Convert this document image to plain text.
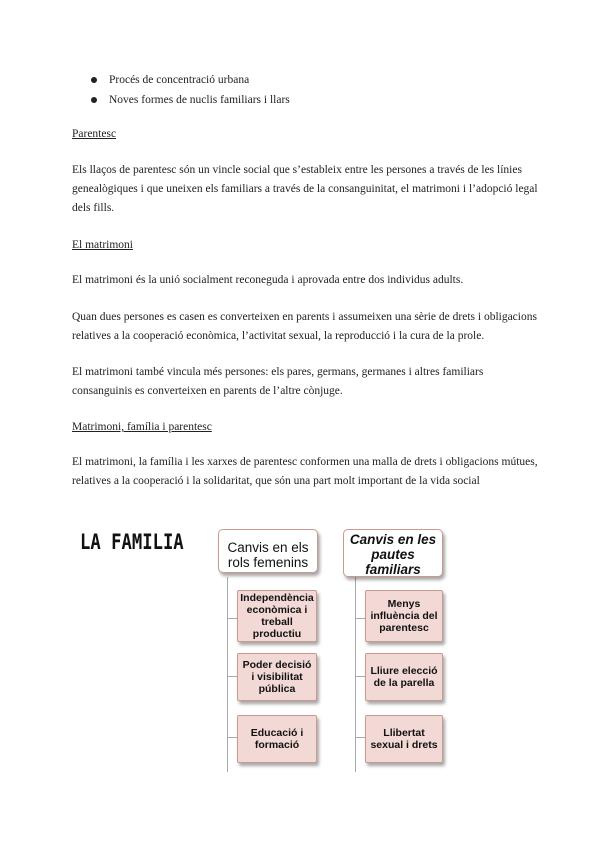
Procés de concentració urbana
Noves formes de nuclis familiars i llars

Parentesc

Els llaços de parentesc són un vincle social que s’estableix entre les persones a través de les línies genealògiques i que uneixen els familiars a través de la consanguinitat, el matrimoni i l’adopció legal dels fills.

El matrimoni

El matrimoni és la unió socialment reconeguda i aprovada entre dos individus adults.

Quan dues persones es casen es converteixen en parents i assumeixen una sèrie de drets i obligacions relatives a la cooperació econòmica, l’activitat sexual, la reproducció i la cura de la prole.

El matrimoni també vincula més persones: els pares, germans, germanes i altres familiars consanguinis es converteixen en parents de l’altre cònjuge.

Matrimoni, família i parentesc

El matrimoni, la família i les xarxes de parentesc conformen una malla de drets i obligacions mútues, relatives a la cooperació i la solidaritat, que són una part molt important de la vida social

LA FAMILIA	Canvis en els rols femenins
Canvis en les pautes familiars
Independència econòmica i treball productiu
Poder decisió i visibilitat pública
Educació i formació
Menys influència del parentesc
Lliure elecció de la parella
Llibertat sexual i drets
